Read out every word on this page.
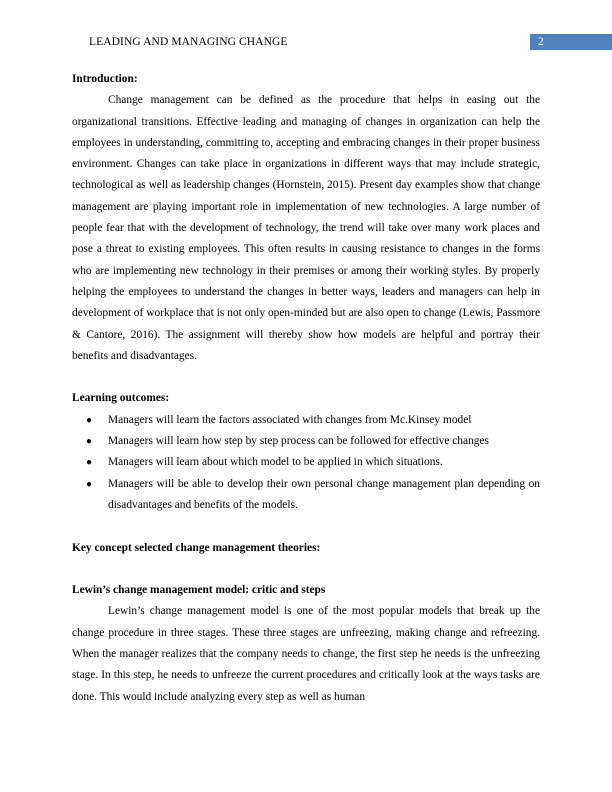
LEADING AND MANAGING CHANGE	2

Introduction:

Change management can be defined as the procedure that helps in easing out the organizational transitions. Effective leading and managing of changes in organization can help the employees in understanding, committing to, accepting and embracing changes in their proper business environment. Changes can take place in organizations in different ways that may include strategic, technological as well as leadership changes (Hornstein, 2015). Present day examples show that change management are playing important role in implementation of new technologies. A large number of people fear that with the development of technology, the trend will take over many work places and pose a threat to existing employees. This often results in causing resistance to changes in the forms who are implementing new technology in their premises or among their working styles. By properly helping the employees to understand the changes in better ways, leaders and managers can help in development of workplace that is not only open-minded but are also open to change (Lewis, Passmore & Cantore, 2016). The assignment will thereby show how models are helpful and portray their benefits and disadvantages.

Learning outcomes:

● Managers will learn the factors associated with changes from Mc.Kinsey model
● Managers will learn how step by step process can be followed for effective changes
● Managers will learn about which model to be applied in which situations.
● Managers will be able to develop their own personal change management plan depending on disadvantages and benefits of the models.

Key concept selected change management theories:

Lewin’s change management model: critic and steps

Lewin’s change management model is one of the most popular models that break up the change procedure in three stages. These three stages are unfreezing, making change and refreezing. When the manager realizes that the company needs to change, the first step he needs is the unfreezing stage. In this step, he needs to unfreeze the current procedures and critically look at the ways tasks are done. This would include analyzing every step as well as human
